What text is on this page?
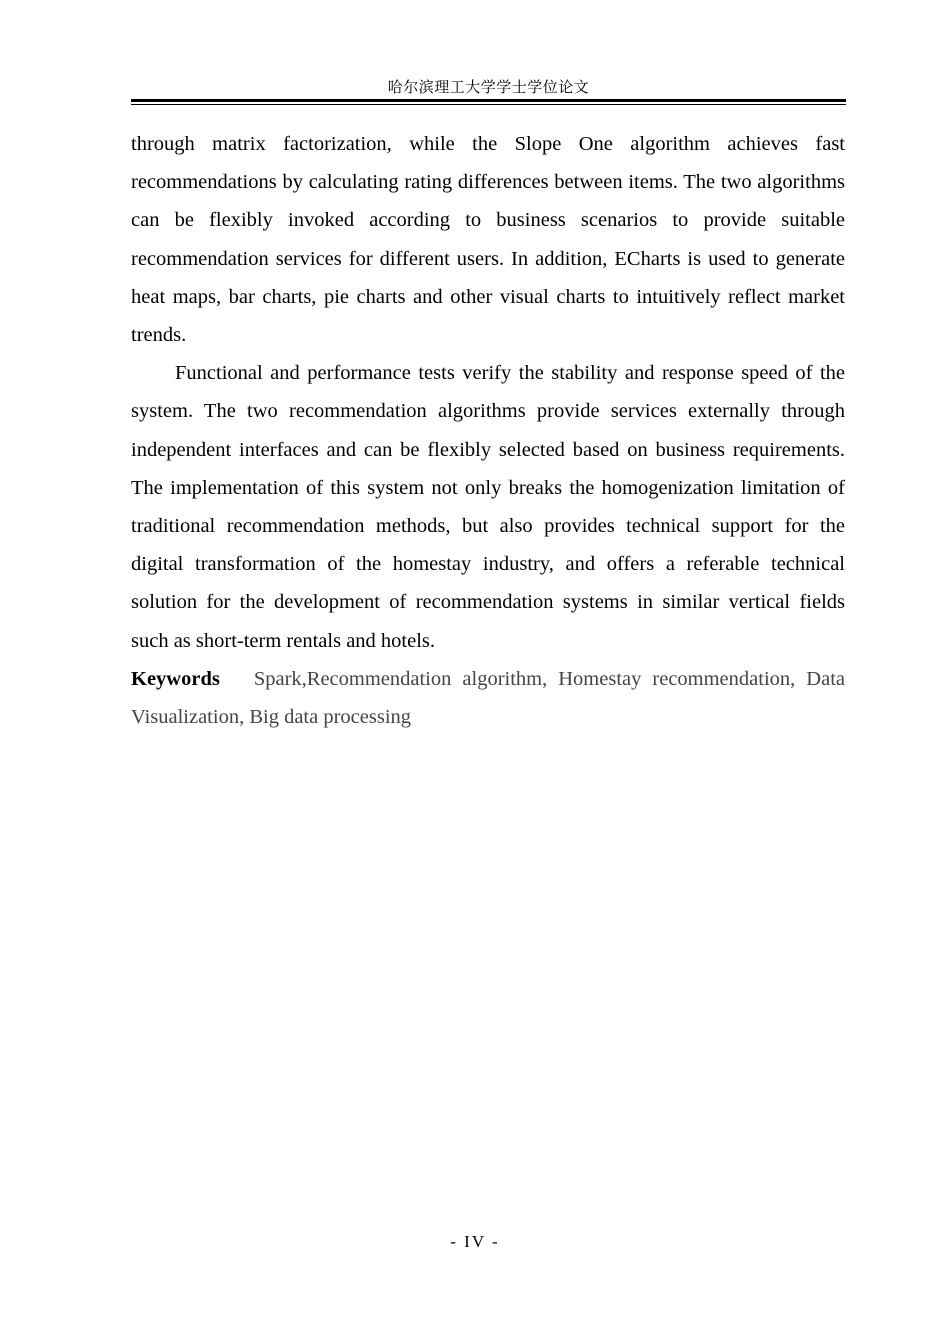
哈尔滨理工大学学士学位论文

through matrix factorization, while the Slope One algorithm achieves fast recommendations by calculating rating differences between items. The two algorithms can be flexibly invoked according to business scenarios to provide suitable recommendation services for different users. In addition, ECharts is used to generate heat maps, bar charts, pie charts and other visual charts to intuitively reflect market trends.

Functional and performance tests verify the stability and response speed of the system. The two recommendation algorithms provide services externally through independent interfaces and can be flexibly selected based on business requirements. The implementation of this system not only breaks the homogenization limitation of traditional recommendation methods, but also provides technical support for the digital transformation of the homestay industry, and offers a referable technical solution for the development of recommendation systems in similar vertical fields such as short-term rentals and hotels.

Keywords Spark,Recommendation algorithm, Homestay recommendation, Data Visualization, Big data processing

- IV -
